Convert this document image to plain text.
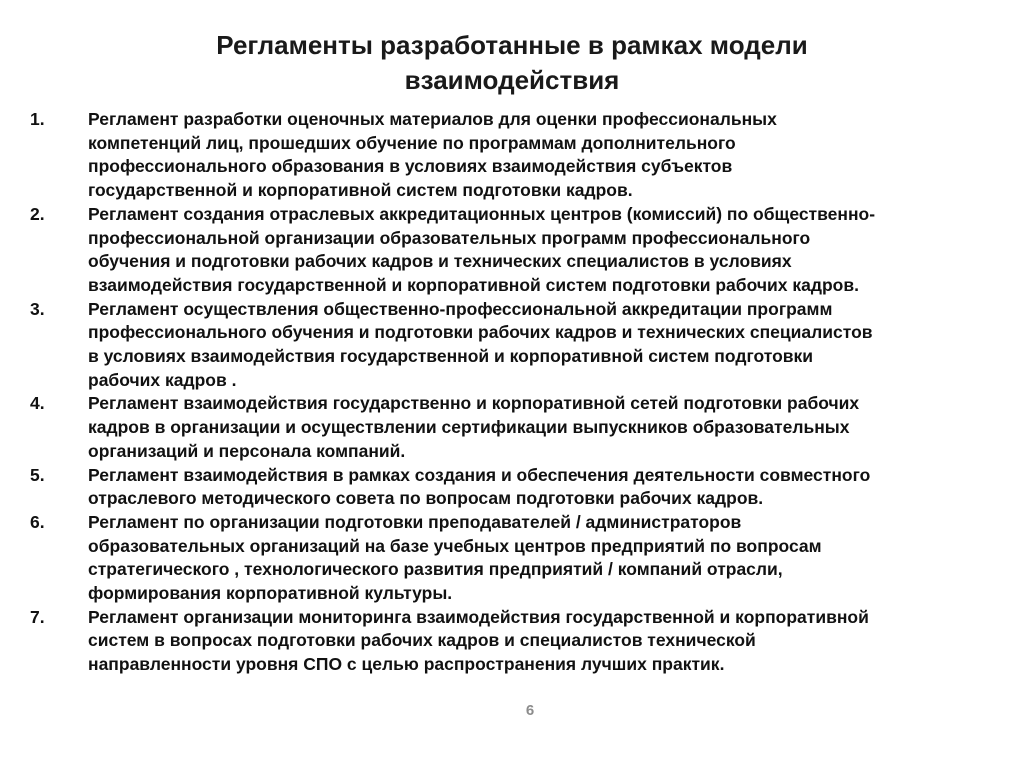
Регламенты разработанные в рамках модели
взаимодействия
1.	Регламент разработки оценочных материалов для оценки профессиональных
компетенций лиц, прошедших обучение по программам дополнительного
профессионального образования в условиях взаимодействия субъектов
государственной и корпоративной систем подготовки кадров.
2.	Регламент создания отраслевых аккредитационных центров (комиссий) по общественно-
профессиональной организации образовательных программ профессионального
обучения и подготовки рабочих кадров и технических специалистов в условиях
взаимодействия государственной и корпоративной систем подготовки рабочих кадров.
3.	Регламент осуществления общественно-профессиональной аккредитации программ
профессионального обучения и подготовки рабочих кадров и технических специалистов
в условиях взаимодействия государственной и корпоративной систем подготовки
рабочих кадров .
4.	Регламент взаимодействия государственно и корпоративной сетей подготовки рабочих
кадров в организации и осуществлении сертификации выпускников образовательных
организаций и персонала компаний.
5.	Регламент взаимодействия в рамках создания и обеспечения деятельности совместного
отраслевого методического совета по вопросам подготовки рабочих кадров.
6.	Регламент по организации подготовки преподавателей / администраторов
образовательных организаций на базе учебных центров предприятий по вопросам
стратегического , технологического развития предприятий / компаний отрасли,
формирования корпоративной культуры.
7.	Регламент организации мониторинга взаимодействия государственной и корпоративной
систем в вопросах подготовки рабочих кадров и специалистов технической
направленности уровня СПО с целью распространения лучших практик.
6
